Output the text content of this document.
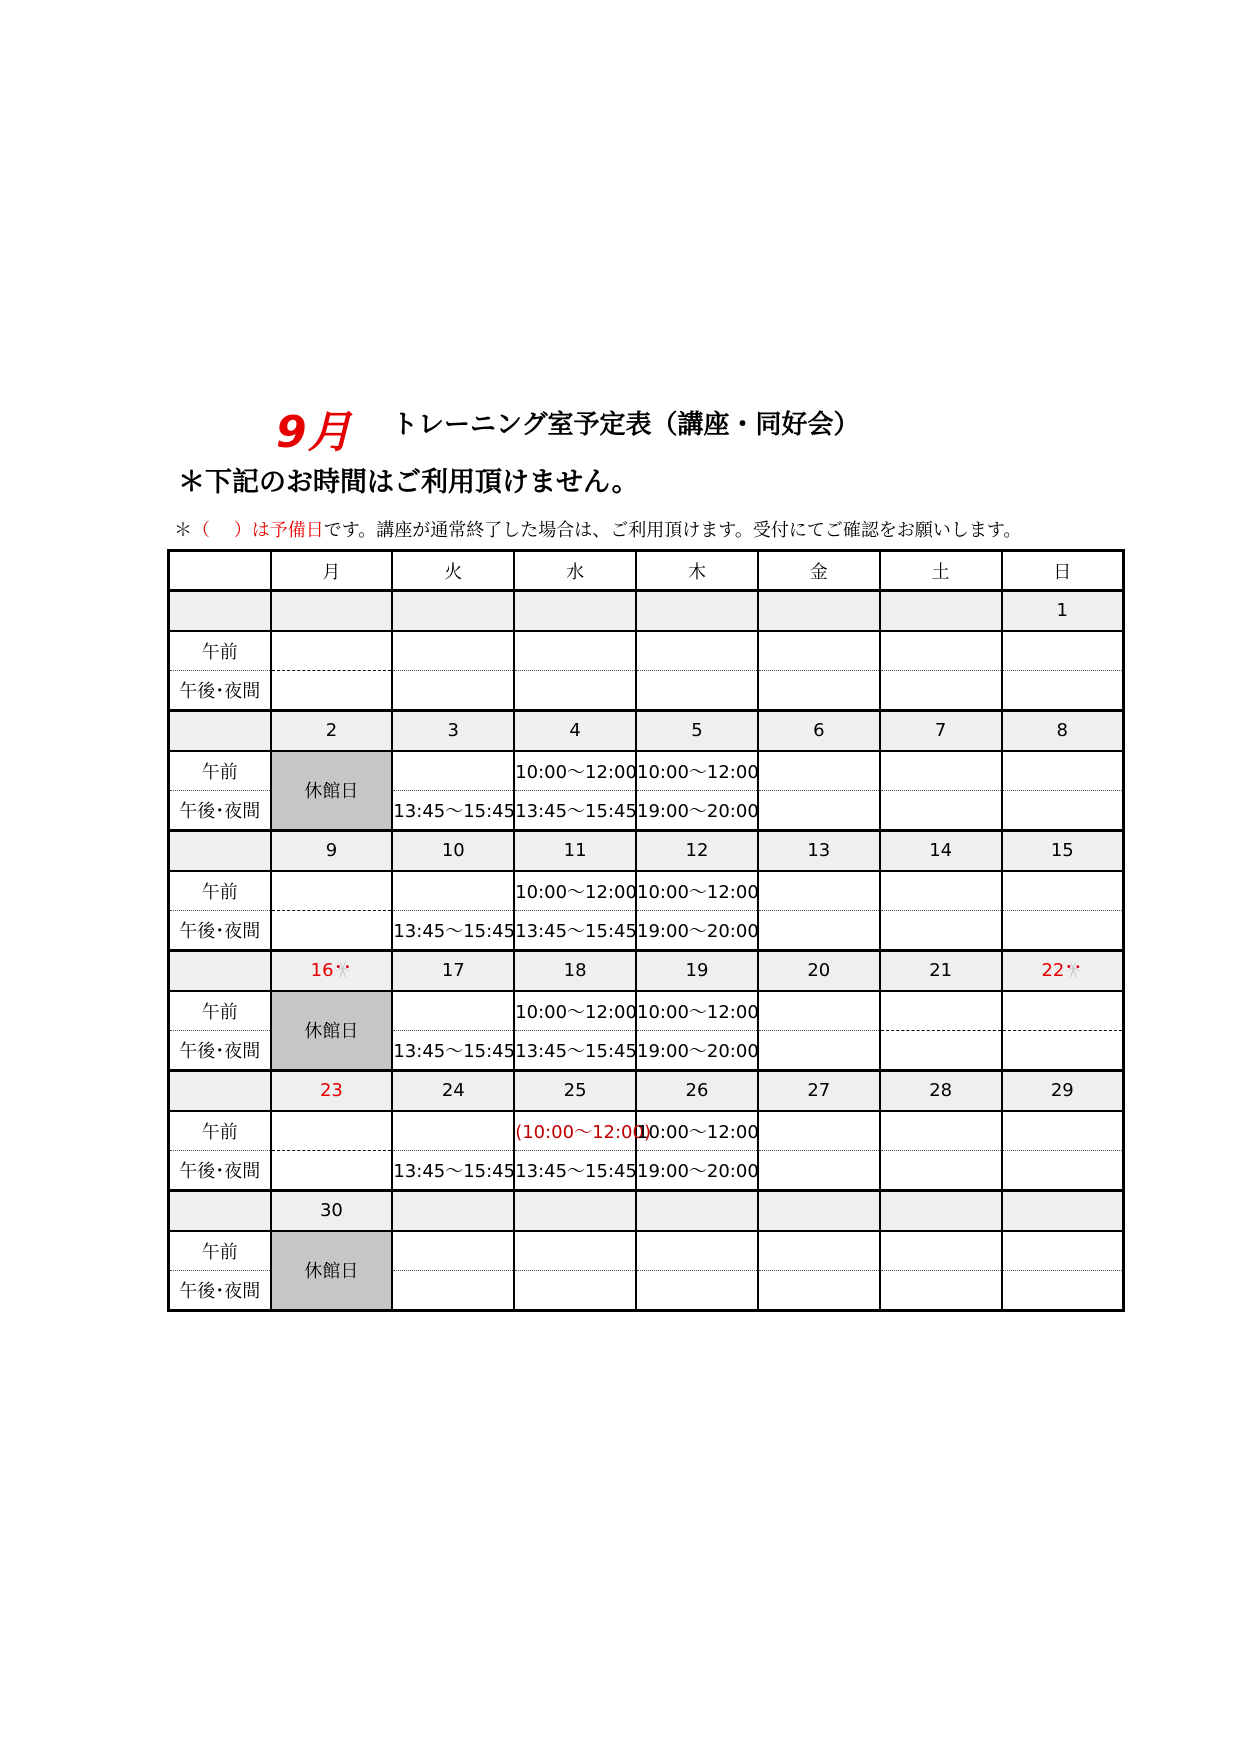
9月 トレーニング室予定表（講座・同好会）
＊下記のお時間はご利用頂けません。
＊（　 ）は予備日です。講座が通常終了した場合は、ご利用頂けます。受付にてご確認をお願いします。
	月	火	水	木	金	土	日
							1
午前							
午後･夜間							
	2	3	4	5	6	7	8
午前	休館日		10:00～12:00	10:00～12:00			
午後･夜間		13:45～15:45	13:45～15:45	19:00～20:00			
	9	10	11	12	13	14	15
午前			10:00～12:00	10:00～12:00			
午後･夜間		13:45～15:45	13:45～15:45	19:00～20:00			
	16🎌	17	18	19	20	21	22🎌
午前	休館日		10:00～12:00	10:00～12:00			
午後･夜間		13:45～15:45	13:45～15:45	19:00～20:00			
	23	24	25	26	27	28	29
午前			(10:00～12:00)	10:00～12:00			
午後･夜間		13:45～15:45	13:45～15:45	19:00～20:00			
	30						
午前	休館日						
午後･夜間							
